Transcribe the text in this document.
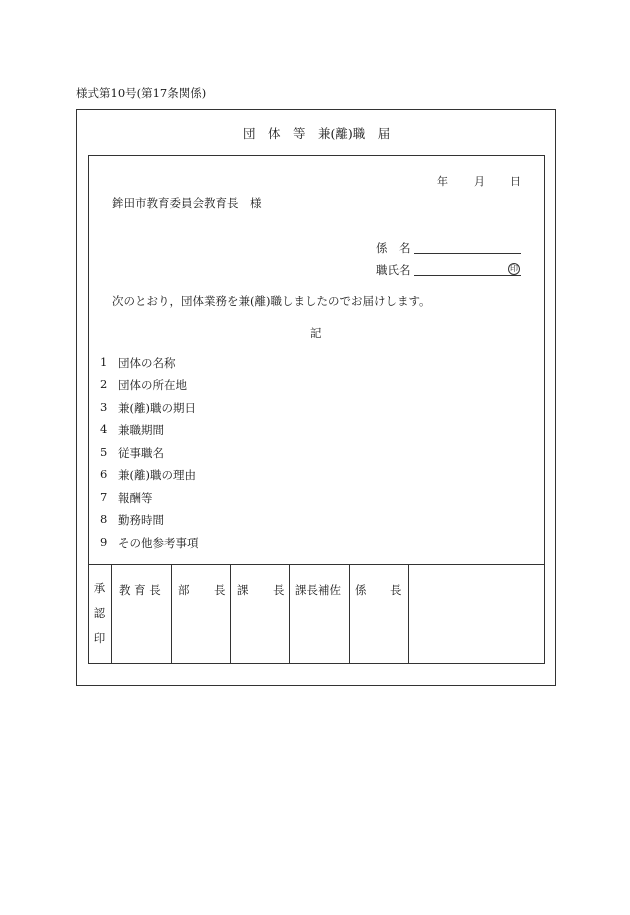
様式第10号(第17条関係)
団　体　等　兼(離)職　届
年 月 日
鉾田市教育委員会教育長　様
係　名
職氏名	印
次のとおり，団体業務を兼(離)職しましたのでお届けします。
記
1 団体の名称
2 団体の所在地
3 兼(離)職の期日
4 兼職期間
5 従事職名
6 兼(離)職の理由
7 報酬等
8 勤務時間
9 その他参考事項
承
認
印
教 育 長 部 長 課 長 課長補佐 係 長
